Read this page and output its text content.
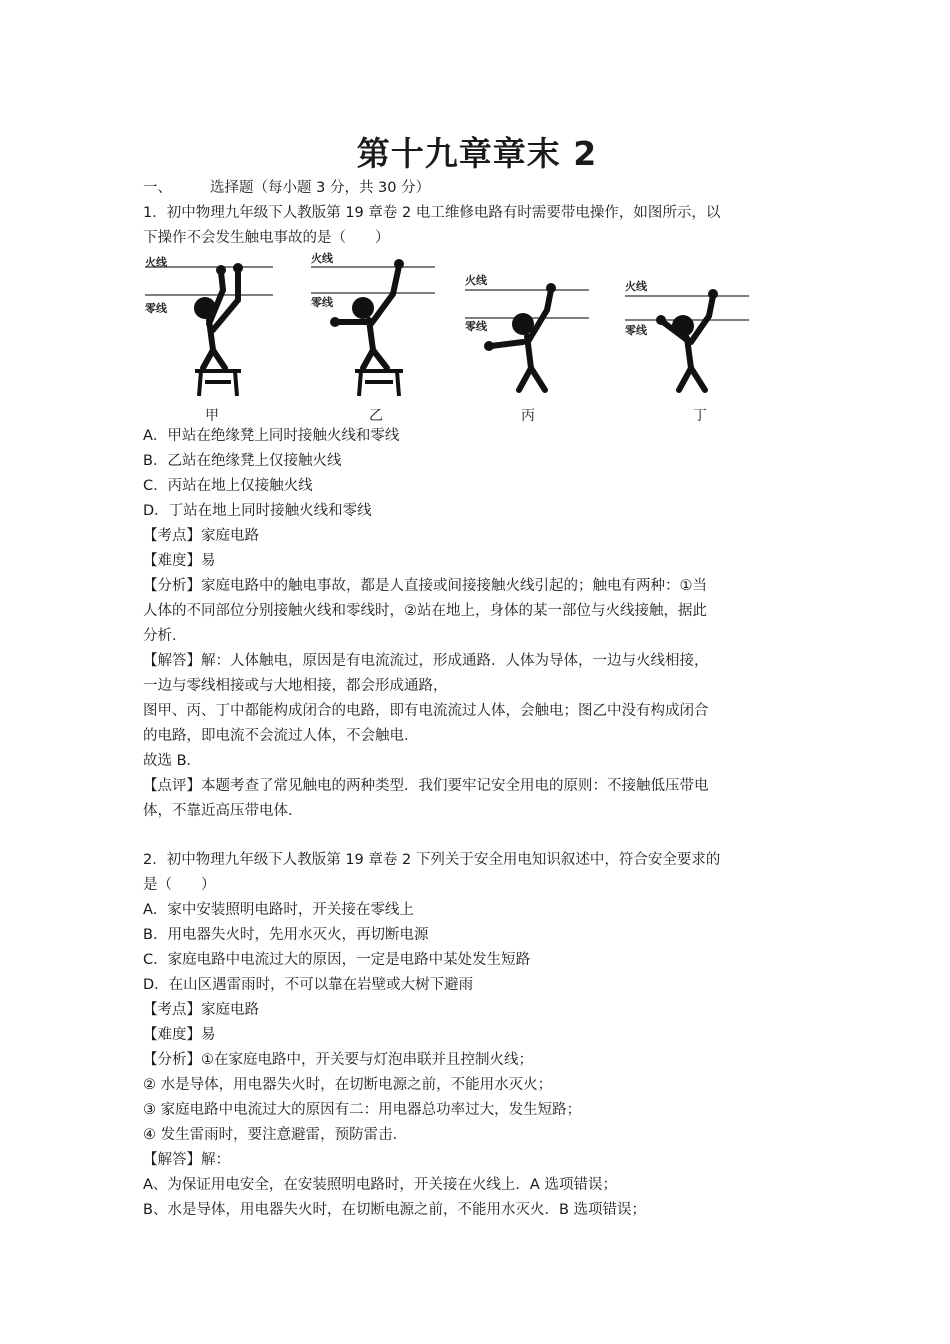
第十九章章末 2
一、	选择题（每小题 3 分，共 30 分）
1．初中物理九年级下人教版第 19 章卷 2 电工维修电路有时需要带电操作，如图所示，以
下操作不会发生触电事故的是（　　）
火线
零线
火线
零线
火线
零线
火线
零线
甲	乙	丙	丁
A．甲站在绝缘凳上同时接触火线和零线
B．乙站在绝缘凳上仅接触火线
C．丙站在地上仅接触火线
D．丁站在地上同时接触火线和零线
【考点】家庭电路
【难度】易
【分析】家庭电路中的触电事故，都是人直接或间接接触火线引起的；触电有两种：①当
人体的不同部位分别接触火线和零线时，②站在地上，身体的某一部位与火线接触，据此
分析．
【解答】解：人体触电，原因是有电流流过，形成通路．人体为导体，一边与火线相接，
一边与零线相接或与大地相接，都会形成通路，
图甲、丙、丁中都能构成闭合的电路，即有电流流过人体，会触电；图乙中没有构成闭合
的电路，即电流不会流过人体，不会触电．
故选 B．
【点评】本题考查了常见触电的两种类型．我们要牢记安全用电的原则：不接触低压带电
体，不靠近高压带电体．
2．初中物理九年级下人教版第 19 章卷 2 下列关于安全用电知识叙述中，符合安全要求的
是（　　）
A．家中安装照明电路时，开关接在零线上
B．用电器失火时，先用水灭火，再切断电源
C．家庭电路中电流过大的原因，一定是电路中某处发生短路
D．在山区遇雷雨时，不可以靠在岩壁或大树下避雨
【考点】家庭电路
【难度】易
【分析】①在家庭电路中，开关要与灯泡串联并且控制火线；
② 水是导体，用电器失火时，在切断电源之前，不能用水灭火；
③ 家庭电路中电流过大的原因有二：用电器总功率过大，发生短路；
④ 发生雷雨时，要注意避雷，预防雷击．
【解答】解：
A、为保证用电安全，在安装照明电路时，开关接在火线上．A 选项错误；
B、水是导体，用电器失火时，在切断电源之前，不能用水灭火．B 选项错误；
